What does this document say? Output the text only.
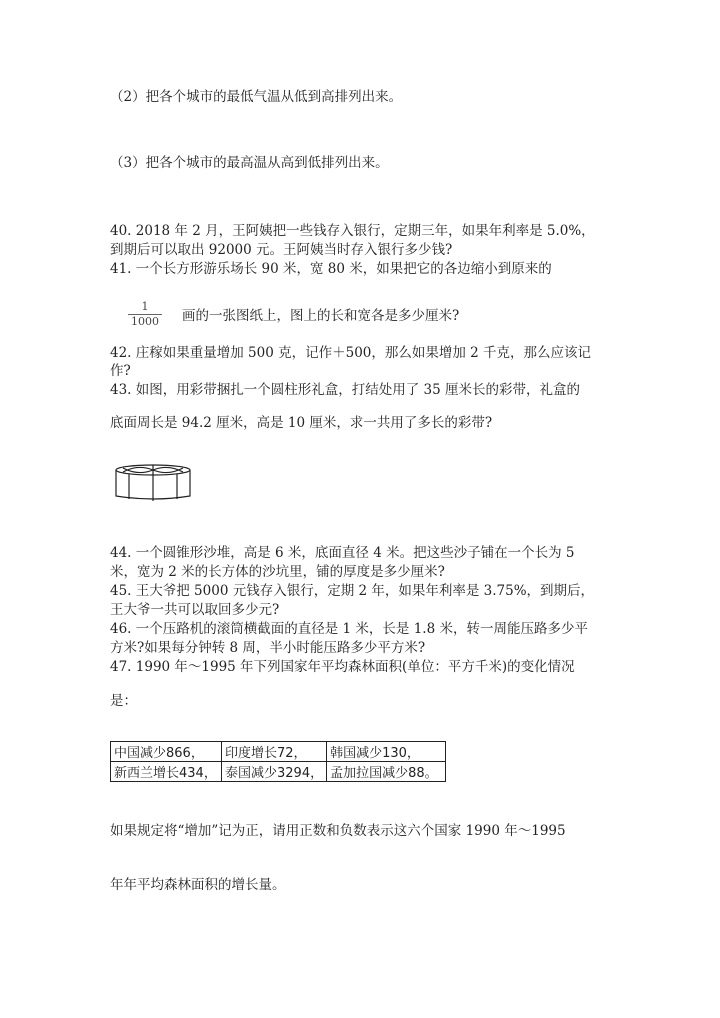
（2）把各个城市的最低气温从低到高排列出来。
（3）把各个城市的最高温从高到低排列出来。
40. 2018 年 2 月，王阿姨把一些钱存入银行，定期三年，如果年利率是 5.0%，
到期后可以取出 92000 元。王阿姨当时存入银行多少钱?
41. 一个长方形游乐场长 90 米，宽 80 米，如果把它的各边缩小到原来的
$\frac{1}{1000}$ 画的一张图纸上，图上的长和宽各是多少厘米?
42. 庄稼如果重量增加 500 克，记作＋500，那么如果增加 2 千克，那么应该记
作?
43. 如图，用彩带捆扎一个圆柱形礼盒，打结处用了 35 厘米长的彩带，礼盒的
底面周长是 94.2 厘米，高是 10 厘米，求一共用了多长的彩带?
44. 一个圆锥形沙堆，高是 6 米，底面直径 4 米。把这些沙子铺在一个长为 5
米，宽为 2 米的长方体的沙坑里，铺的厚度是多少厘米?
45. 王大爷把 5000 元钱存入银行，定期 2 年，如果年利率是 3.75%，到期后，
王大爷一共可以取回多少元?
46. 一个压路机的滚筒横截面的直径是 1 米，长是 1.8 米，转一周能压路多少平
方米?如果每分钟转 8 周，半小时能压路多少平方米?
47. 1990 年～1995 年下列国家年平均森林面积(单位：平方千米)的变化情况
是：
中国减少866，	印度增长72，	韩国减少130，
新西兰增长434，	泰国减少3294，	孟加拉国减少88。
如果规定将“增加”记为正，请用正数和负数表示这六个国家 1990 年～1995
年年平均森林面积的增长量。
